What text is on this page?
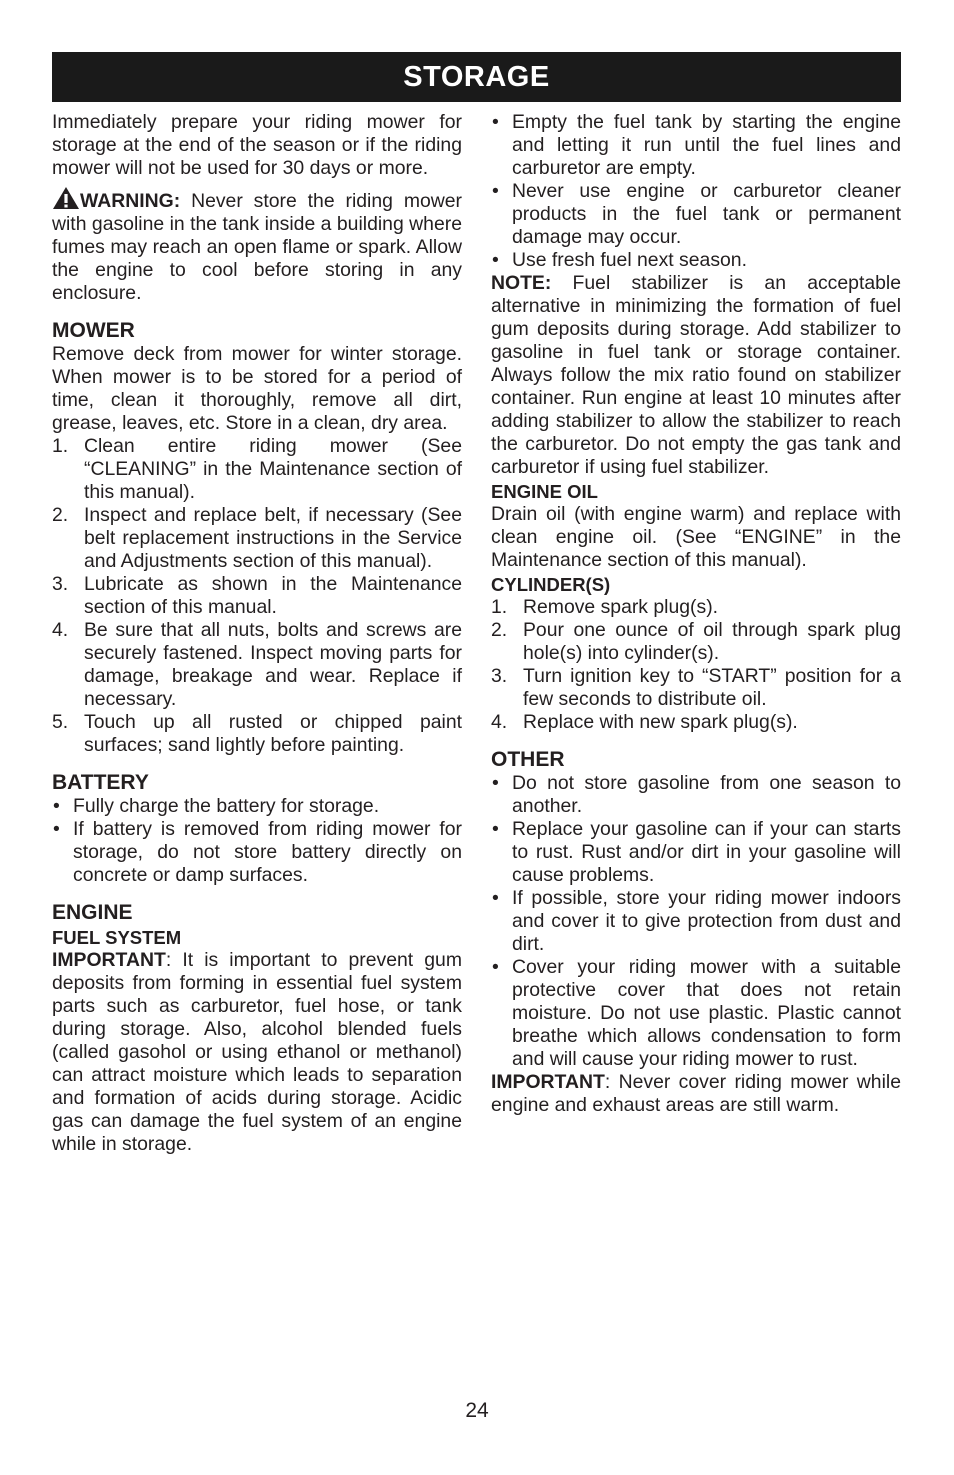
STORAGE

Immediately prepare your riding mower for storage at the end of the season or if the riding mower will not be used for 30 days or more.

WARNING: Never store the riding mower with gasoline in the tank inside a building where fumes may reach an open flame or spark. Allow the engine to cool before storing in any enclosure.

MOWER

Remove deck from mower for winter storage. When mower is to be stored for a period of time, clean it thoroughly, remove all dirt, grease, leaves, etc. Store in a clean, dry area.

1. Clean entire riding mower (See “CLEANING” in the Maintenance section of this manual).
2. Inspect and replace belt, if necessary (See belt replacement instructions in the Service and Adjustments section of this manual).
3. Lubricate as shown in the Maintenance section of this manual.
4. Be sure that all nuts, bolts and screws are securely fastened. Inspect moving parts for damage, breakage and wear. Replace if necessary.
5. Touch up all rusted or chipped paint surfaces; sand lightly before painting.
BATTERY
• Fully charge the battery for storage.
• If battery is removed from riding mower for storage, do not store battery directly on concrete or damp surfaces.
ENGINE
FUEL SYSTEM

IMPORTANT: It is important to prevent gum deposits from forming in essential fuel system parts such as carburetor, fuel hose, or tank during storage. Also, alcohol blended fuels (called gasohol or using ethanol or methanol) can attract moisture which leads to separation and formation of acids during storage. Acidic gas can damage the fuel system of an engine while in storage.

• Empty the fuel tank by starting the engine and letting it run until the fuel lines and carburetor are empty.
• Never use engine or carburetor cleaner products in the fuel tank or permanent damage may occur.
• Use fresh fuel next season.

NOTE: Fuel stabilizer is an acceptable alternative in minimizing the formation of fuel gum deposits during storage. Add stabilizer to gasoline in fuel tank or storage container. Always follow the mix ratio found on stabilizer container. Run engine at least 10 minutes after adding stabilizer to allow the stabilizer to reach the carburetor. Do not empty the gas tank and carburetor if using fuel stabilizer.

ENGINE OIL

Drain oil (with engine warm) and replace with clean engine oil. (See “ENGINE” in the Maintenance section of this manual).

CYLINDER(S)
1. Remove spark plug(s).
2. Pour one ounce of oil through spark plug hole(s) into cylinder(s).
3. Turn ignition key to “START” position for a few seconds to distribute oil.
4. Replace with new spark plug(s).
OTHER
• Do not store gasoline from one season to another.
• Replace your gasoline can if your can starts to rust. Rust and/or dirt in your gasoline will cause problems.
• If possible, store your riding mower indoors and cover it to give protection from dust and dirt.
• Cover your riding mower with a suitable protective cover that does not retain moisture. Do not use plastic. Plastic cannot breathe which allows condensation to form and will cause your riding mower to rust.

IMPORTANT: Never cover riding mower while engine and exhaust areas are still warm.

24
